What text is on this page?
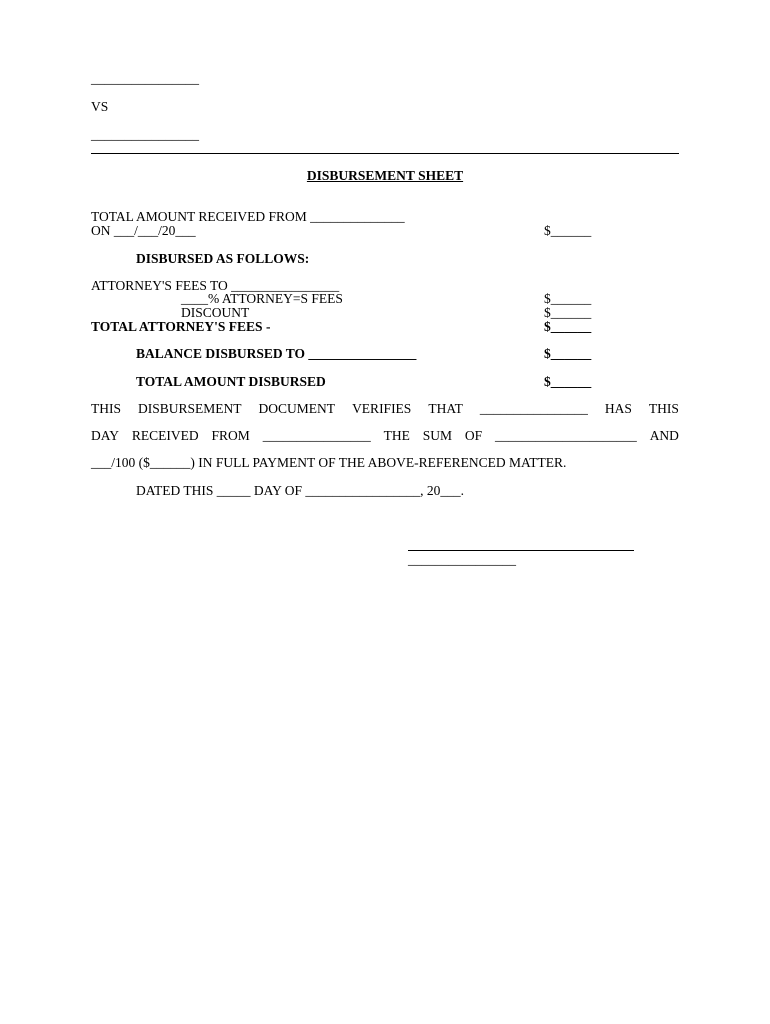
________________
VS
________________
DISBURSEMENT SHEET
TOTAL AMOUNT RECEIVED FROM ______________
ON ___/___/20___	$______
DISBURSED AS FOLLOWS:
ATTORNEY'S FEES TO ________________
____% ATTORNEY=S FEES	$______
DISCOUNT	$______
TOTAL ATTORNEY'S FEES -	$______
BALANCE DISBURSED TO ________________	$______
TOTAL AMOUNT DISBURSED	$______
THIS DISBURSEMENT DOCUMENT VERIFIES THAT ________________ HAS THIS
DAY RECEIVED FROM ________________ THE SUM OF _____________________ AND
___/100 ($______) IN FULL PAYMENT OF THE ABOVE-REFERENCED MATTER.
DATED THIS _____ DAY OF _________________, 20___.
________________
